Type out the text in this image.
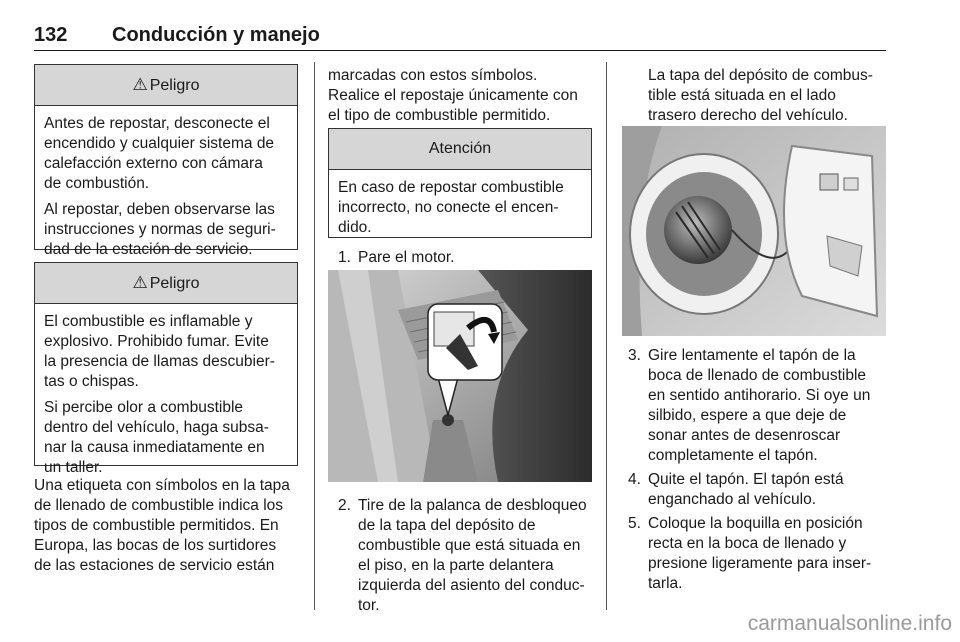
132 Conducción y manejo
⚠ Peligro

Antes de repostar, desconecte el
encendido y cualquier sistema de
calefacción externo con cámara
de combustión.

Al repostar, deben observarse las
instrucciones y normas de seguri-
dad de la estación de servicio.

⚠ Peligro

El combustible es inflamable y
explosivo. Prohibido fumar. Evite
la presencia de llamas descubier-
tas o chispas.

Si percibe olor a combustible
dentro del vehículo, haga subsa-
nar la causa inmediatamente en
un taller.

Una etiqueta con símbolos en la tapa
de llenado de combustible indica los
tipos de combustible permitidos. En
Europa, las bocas de los surtidores
de las estaciones de servicio están
marcadas con estos símbolos.
Realice el repostaje únicamente con
el tipo de combustible permitido.
Atención
En caso de repostar combustible
incorrecto, no conecte el encen-
dido.
1. Pare el motor.
2. Tire de la palanca de desbloqueo
de la tapa del depósito de
combustible que está situada en
el piso, en la parte delantera
izquierda del asiento del conduc-
tor.
La tapa del depósito de combus-
tible está situada en el lado
trasero derecho del vehículo.
3. Gire lentamente el tapón de la
boca de llenado de combustible
en sentido antihorario. Si oye un
silbido, espere a que deje de
sonar antes de desenroscar
completamente el tapón.
4. Quite el tapón. El tapón está
enganchado al vehículo.
5. Coloque la boquilla en posición
recta en la boca de llenado y
presione ligeramente para inser-
tarla.
carmanualsonline.info
